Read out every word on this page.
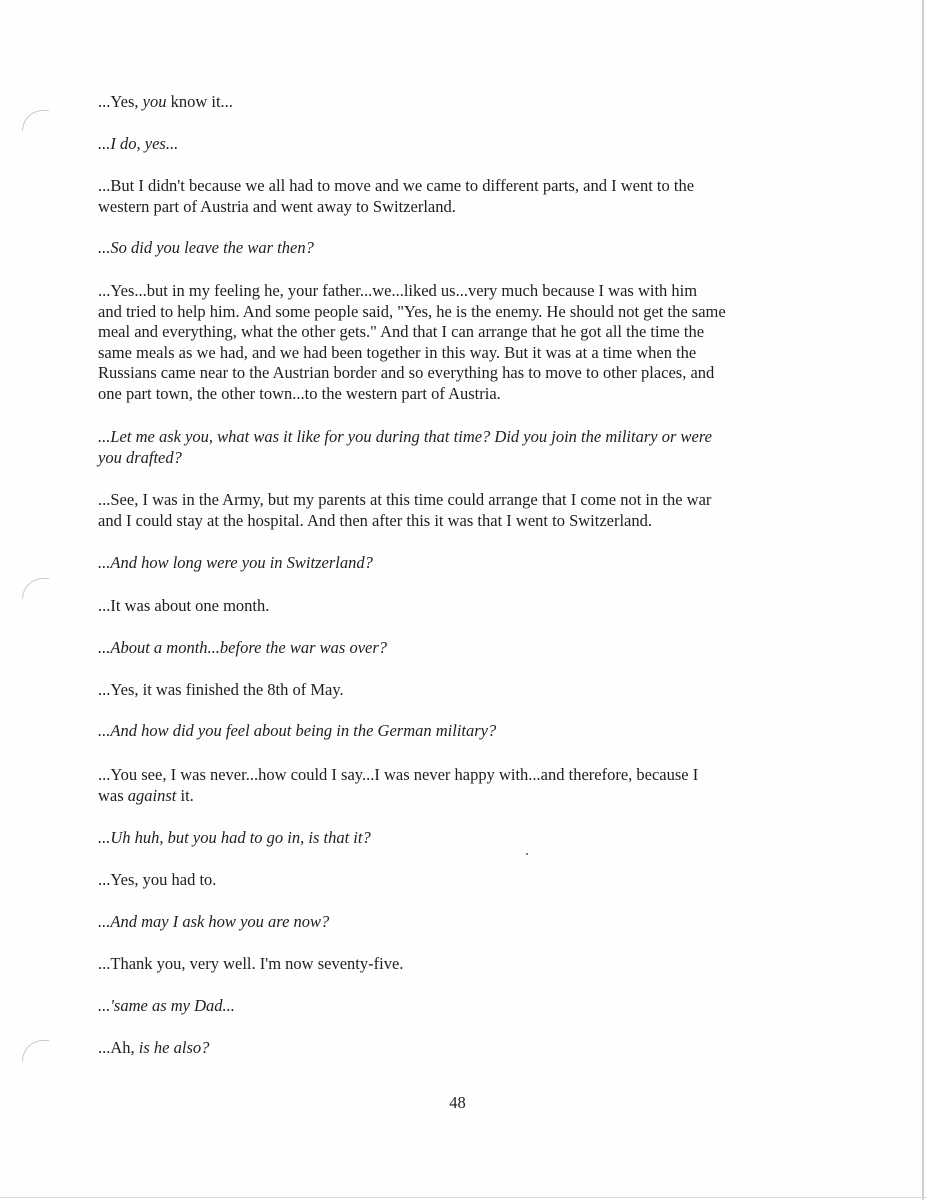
...Yes, you know it...

...I do, yes...

...But I didn't because we all had to move and we came to different parts, and I went to the
western part of Austria and went away to Switzerland.

...So did you leave the war then?

...Yes...but in my feeling he, your father...we...liked us...very much because I was with him
and tried to help him. And some people said, "Yes, he is the enemy. He should not get the same
meal and everything, what the other gets." And that I can arrange that he got all the time the
same meals as we had, and we had been together in this way. But it was at a time when the
Russians came near to the Austrian border and so everything has to move to other places, and
one part town, the other town...to the western part of Austria.

...Let me ask you, what was it like for you during that time? Did you join the military or were
you drafted?

...See, I was in the Army, but my parents at this time could arrange that I come not in the war
and I could stay at the hospital. And then after this it was that I went to Switzerland.

...And how long were you in Switzerland?

...It was about one month.

...About a month...before the war was over?

...Yes, it was finished the 8th of May.

...And how did you feel about being in the German military?

...You see, I was never...how could I say...I was never happy with...and therefore, because I
was against it.

...Uh huh, but you had to go in, is that it?

...Yes, you had to.

...And may I ask how you are now?

...Thank you, very well. I'm now seventy-five.

...'same as my Dad...

...Ah, is he also?

48
